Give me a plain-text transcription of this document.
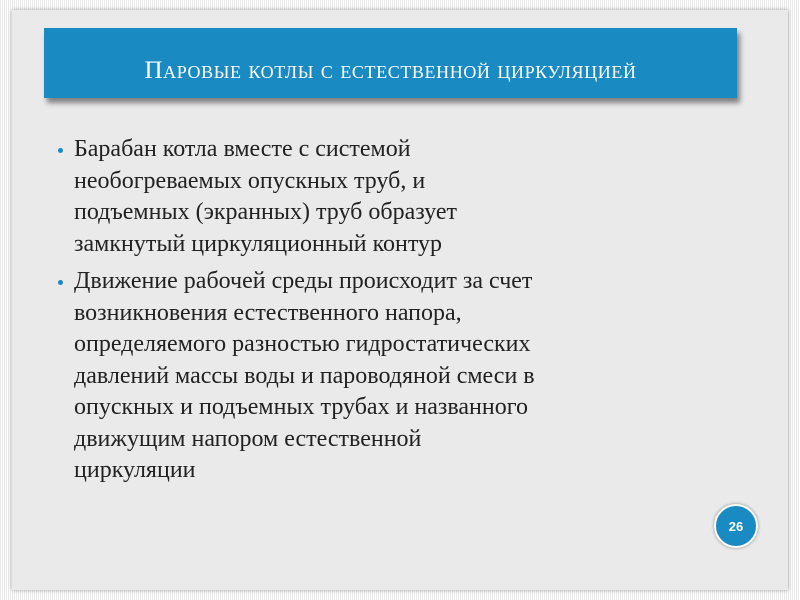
Паровые котлы с естественной циркуляцией
Барабан котла вместе с системой
необогреваемых опускных труб, и
подъемных (экранных) труб образует
замкнутый циркуляционный контур
Движение рабочей среды происходит за счет
возникновения естественного напора,
определяемого разностью гидростатических
давлений массы воды и пароводяной смеси в
опускных и подъемных трубах и названного
движущим напором естественной
циркуляции
26
